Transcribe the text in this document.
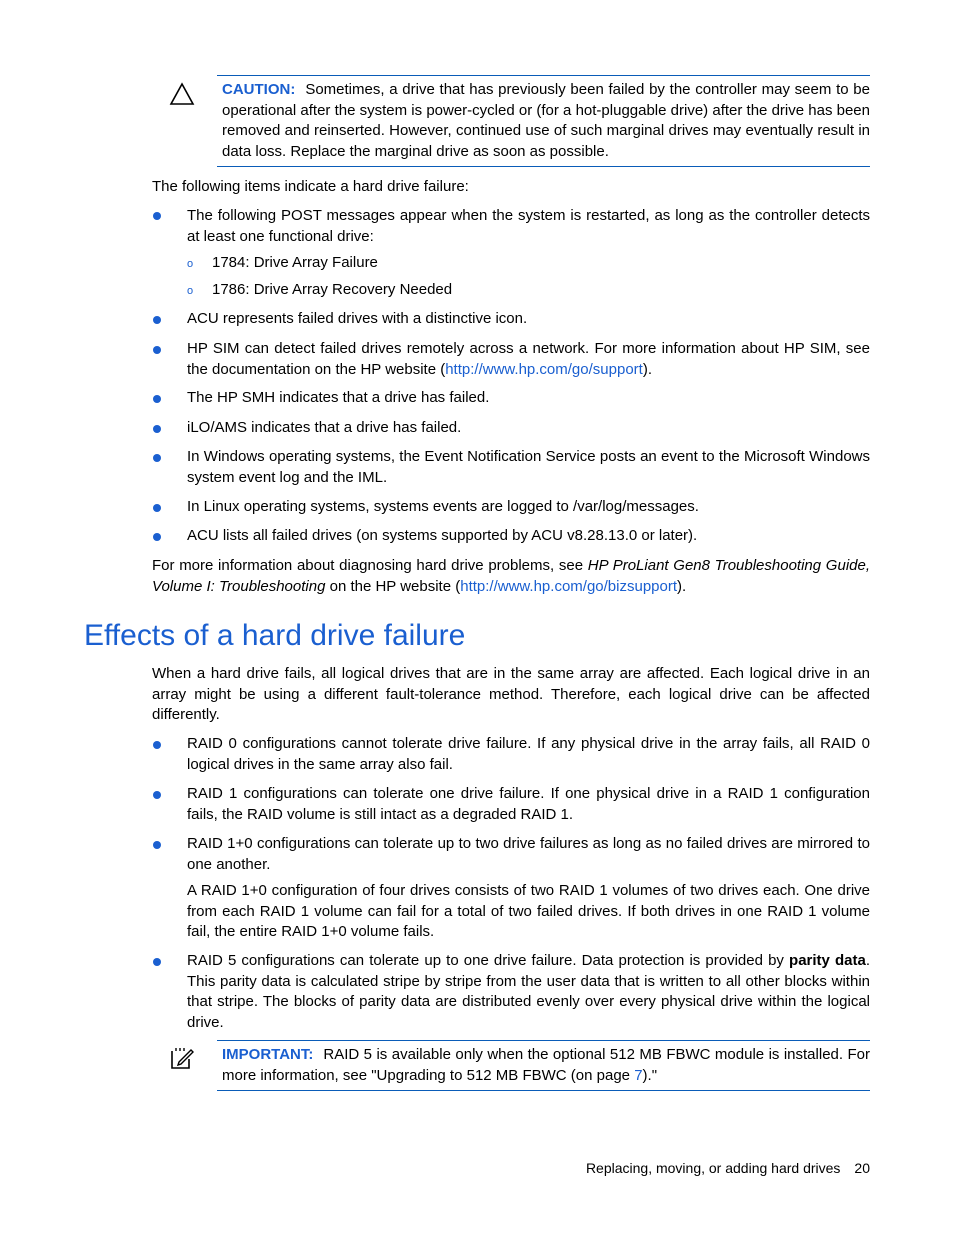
CAUTION: Sometimes, a drive that has previously been failed by the controller may seem to be operational after the system is power-cycled or (for a hot-pluggable drive) after the drive has been removed and reinserted. However, continued use of such marginal drives may eventually result in data loss. Replace the marginal drive as soon as possible.
The following items indicate a hard drive failure:
The following POST messages appear when the system is restarted, as long as the controller detects at least one functional drive:
o 1784: Drive Array Failure
o 1786: Drive Array Recovery Needed
ACU represents failed drives with a distinctive icon.
HP SIM can detect failed drives remotely across a network. For more information about HP SIM, see the documentation on the HP website (http://www.hp.com/go/support).
The HP SMH indicates that a drive has failed.
iLO/AMS indicates that a drive has failed.
In Windows operating systems, the Event Notification Service posts an event to the Microsoft Windows system event log and the IML.
In Linux operating systems, systems events are logged to /var/log/messages.
ACU lists all failed drives (on systems supported by ACU v8.28.13.0 or later).
For more information about diagnosing hard drive problems, see HP ProLiant Gen8 Troubleshooting Guide, Volume I: Troubleshooting on the HP website (http://www.hp.com/go/bizsupport).
Effects of a hard drive failure
When a hard drive fails, all logical drives that are in the same array are affected. Each logical drive in an array might be using a different fault-tolerance method. Therefore, each logical drive can be affected differently.
RAID 0 configurations cannot tolerate drive failure. If any physical drive in the array fails, all RAID 0 logical drives in the same array also fail.
RAID 1 configurations can tolerate one drive failure. If one physical drive in a RAID 1 configuration fails, the RAID volume is still intact as a degraded RAID 1.
RAID 1+0 configurations can tolerate up to two drive failures as long as no failed drives are mirrored to one another.
A RAID 1+0 configuration of four drives consists of two RAID 1 volumes of two drives each. One drive from each RAID 1 volume can fail for a total of two failed drives. If both drives in one RAID 1 volume fail, the entire RAID 1+0 volume fails.
RAID 5 configurations can tolerate up to one drive failure. Data protection is provided by parity data. This parity data is calculated stripe by stripe from the user data that is written to all other blocks within that stripe. The blocks of parity data are distributed evenly over every physical drive within the logical drive.
IMPORTANT: RAID 5 is available only when the optional 512 MB FBWC module is installed. For more information, see "Upgrading to 512 MB FBWC (on page 7)."
Replacing, moving, or adding hard drives 20
